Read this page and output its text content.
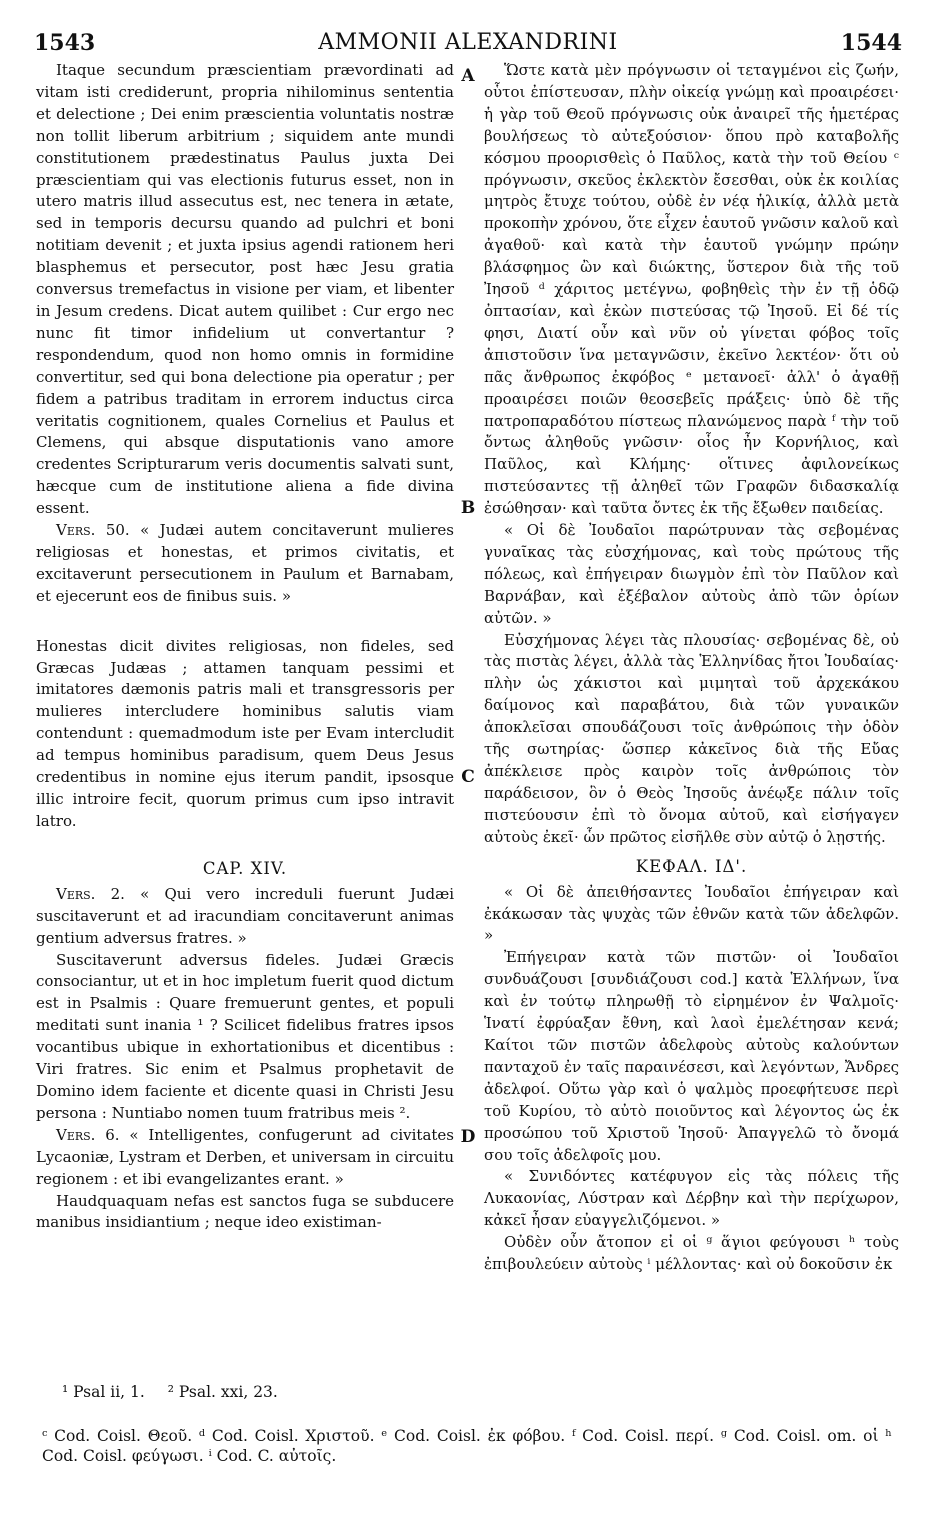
AMMONII ALEXANDRINI
1543	1544

Itaque secundum præscientiam prævordinati ad vitam isti crediderunt, propria nihilominus sententia et delectione ; Dei enim præscientia voluntatis nostræ non tollit liberum arbitrium ; siquidem ante mundi constitutionem prædestinatus Paulus juxta Dei præscientiam qui vas electionis futurus esset, non in utero matris illud assecutus est, nec tenera in ætate, sed in temporis decursu quando ad pulchri et boni notitiam devenit ; et juxta ipsius agendi rationem heri blasphemus et persecutor, post hæc Jesu gratia conversus tremefactus in visione per viam, et libenter in Jesum credens. Dicat autem quilibet : Cur ergo nec nunc fit timor infidelium ut convertantur ? respondendum, quod non homo omnis in formidine convertitur, sed qui bona delectione pia operatur ; per fidem a patribus traditam in errorem inductus circa veritatis cognitionem, quales Cornelius et Paulus et Clemens, qui absque disputationis vano amore credentes Scripturarum veris documentis salvati sunt, hæcque cum de institutione aliena a fide divina essent.

Vers. 50. « Judæi autem concitaverunt mulieres religiosas et honestas, et primos civitatis, et excitaverunt persecutionem in Paulum et Barnabam, et ejecerunt eos de finibus suis. »

Honestas dicit divites religiosas, non fideles, sed Græcas Judæas ; attamen tanquam pessimi et imitatores dæmonis patris mali et transgressoris per mulieres intercludere hominibus salutis viam contendunt : quemadmodum iste per Evam intercludit ad tempus hominibus paradisum, quem Deus Jesus credentibus in nomine ejus iterum pandit, ipsosque illic introire fecit, quorum primus cum ipso intravit latro.

CAP. XIV.

Vers. 2. « Qui vero increduli fuerunt Judæi suscitaverunt et ad iracundiam concitaverunt animas gentium adversus fratres. »

Suscitaverunt adversus fideles. Judæi Græcis consociantur, ut et in hoc impletum fuerit quod dictum est in Psalmis : Quare fremuerunt gentes, et populi meditati sunt inania ¹ ? Scilicet fidelibus fratres ipsos vocantibus ubique in exhortationibus et dicentibus : Viri fratres. Sic enim et Psalmus prophetavit de Domino idem faciente et dicente quasi in Christi Jesu persona : Nuntiabo nomen tuum fratribus meis ².

Vers. 6. « Intelligentes, confugerunt ad civitates Lycaoniæ, Lystram et Derben, et universam in circuitu regionem : et ibi evangelizantes erant. »

Haudquaquam nefas est sanctos fuga se subducere manibus insidiantium ; neque ideo existiman-

A
B
C
D

Ὥστε κατὰ μὲν πρόγνωσιν οἱ τεταγμένοι εἰς ζωήν, οὗτοι ἐπίστευσαν, πλὴν οἰκείᾳ γνώμῃ καὶ προαιρέσει· ἡ γὰρ τοῦ Θεοῦ πρόγνωσις οὐκ ἀναιρεῖ τῆς ἡμετέρας βουλήσεως τὸ αὐτεξούσιον· ὅπου πρὸ καταβολῆς κόσμου προορισθεὶς ὁ Παῦλος, κατὰ τὴν τοῦ Θείου ᶜ πρόγνωσιν, σκεῦος ἐκλεκτὸν ἔσεσθαι, οὐκ ἐκ κοιλίας μητρὸς ἔτυχε τούτου, οὐδὲ ἐν νέᾳ ἡλικίᾳ, ἀλλὰ μετὰ προκοπὴν χρόνου, ὅτε εἶχεν ἑαυτοῦ γνῶσιν καλοῦ καὶ ἀγαθοῦ· καὶ κατὰ τὴν ἑαυτοῦ γνώμην πρώην βλάσφημος ὢν καὶ διώκτης, ὕστερον διὰ τῆς τοῦ Ἰησοῦ ᵈ χάριτος μετέγνω, φοβηθεὶς τὴν ἐν τῇ ὁδῷ ὀπτασίαν, καὶ ἑκὼν πιστεύσας τῷ Ἰησοῦ. Εἰ δέ τίς φησι, Διατί οὖν καὶ νῦν οὐ γίνεται φόβος τοῖς ἀπιστοῦσιν ἵνα μεταγνῶσιν, ἐκεῖνο λεκτέον· ὅτι οὐ πᾶς ἄνθρωπος ἐκφόβος ᵉ μετανοεῖ· ἀλλ' ὁ ἀγαθῇ προαιρέσει ποιῶν θεοσεβεῖς πράξεις· ὑπὸ δὲ τῆς πατροπαραδότου πίστεως πλανώμενος παρὰ ᶠ τὴν τοῦ ὄντως ἀληθοῦς γνῶσιν· οἷος ἦν Κορνήλιος, καὶ Παῦλος, καὶ Κλήμης· οἵτινες ἀφιλονείκως πιστεύσαντες τῇ ἀληθεῖ τῶν Γραφῶν διδασκαλίᾳ ἐσώθησαν· καὶ ταῦτα ὄντες ἐκ τῆς ἔξωθεν παιδείας.

« Οἱ δὲ Ἰουδαῖοι παρώτρυναν τὰς σεβομένας γυναῖκας τὰς εὐσχήμονας, καὶ τοὺς πρώτους τῆς πόλεως, καὶ ἐπήγειραν διωγμὸν ἐπὶ τὸν Παῦλον καὶ Βαρνάβαν, καὶ ἐξέβαλον αὐτοὺς ἀπὸ τῶν ὁρίων αὐτῶν. »

Εὐσχήμονας λέγει τὰς πλουσίας· σεβομένας δὲ, οὐ τὰς πιστὰς λέγει, ἀλλὰ τὰς Ἑλληνίδας ἤτοι Ἰουδαίας· πλὴν ὡς χάκιστοι καὶ μιμηταὶ τοῦ ἀρχεκάκου δαίμονος καὶ παραβάτου, διὰ τῶν γυναικῶν ἀποκλεῖσαι σπουδάζουσι τοῖς ἀνθρώποις τὴν ὁδὸν τῆς σωτηρίας· ὥσπερ κἀκεῖνος διὰ τῆς Εὔας ἀπέκλεισε πρὸς καιρὸν τοῖς ἀνθρώποις τὸν παράδεισον, ὃν ὁ Θεὸς Ἰησοῦς ἀνέῳξε πάλιν τοῖς πιστεύουσιν ἐπὶ τὸ ὄνομα αὐτοῦ, καὶ εἰσήγαγεν αὐτοὺς ἐκεῖ· ὧν πρῶτος εἰσῆλθε σὺν αὐτῷ ὁ λῃστής.

ΚΕΦΑΛ. ΙΔ'.

« Οἱ δὲ ἀπειθήσαντες Ἰουδαῖοι ἐπήγειραν καὶ ἐκάκωσαν τὰς ψυχὰς τῶν ἐθνῶν κατὰ τῶν ἀδελφῶν. »

Ἐπήγειραν κατὰ τῶν πιστῶν· οἱ Ἰουδαῖοι συνδυάζουσι [συνδιάζουσι cod.] κατὰ Ἑλλήνων, ἵνα καὶ ἐν τούτῳ πληρωθῇ τὸ εἰρημένον ἐν Ψαλμοῖς· Ἱνατί ἐφρύαξαν ἔθνη, καὶ λαοὶ ἐμελέτησαν κενά; Καίτοι τῶν πιστῶν ἀδελφοὺς αὐτοὺς καλούντων πανταχοῦ ἐν ταῖς παραινέσεσι, καὶ λεγόντων, Ἄνδρες ἀδελφοί. Οὕτω γὰρ καὶ ὁ ψαλμὸς προεφήτευσε περὶ τοῦ Κυρίου, τὸ αὐτὸ ποιοῦντος καὶ λέγοντος ὡς ἐκ προσώπου τοῦ Χριστοῦ Ἰησοῦ· Ἀπαγγελῶ τὸ ὄνομά σου τοῖς ἀδελφοῖς μου.

« Συνιδόντες κατέφυγον εἰς τὰς πόλεις τῆς Λυκαονίας, Λύστραν καὶ Δέρβην καὶ τὴν περίχωρον, κἀκεῖ ἦσαν εὐαγγελιζόμενοι. »

Οὐδὲν οὖν ἄτοπον εἰ οἱ ᵍ ἅγιοι φεύγουσι ʰ τοὺς ἐπιβουλεύειν αὐτοὺς ⁱ μέλλοντας· καὶ οὐ δοκοῦσιν ἐκ

¹ Psal ii, 1. ² Psal. xxi, 23.
ᶜ Cod. Coisl. Θεοῦ. ᵈ Cod. Coisl. Χριστοῦ. ᵉ Cod. Coisl. ἐκ φόβου. ᶠ Cod. Coisl. περί. ᵍ Cod. Coisl. om. οἱ ʰ Cod. Coisl. φεύγωσι. ⁱ Cod. C. αὐτοῖς.
